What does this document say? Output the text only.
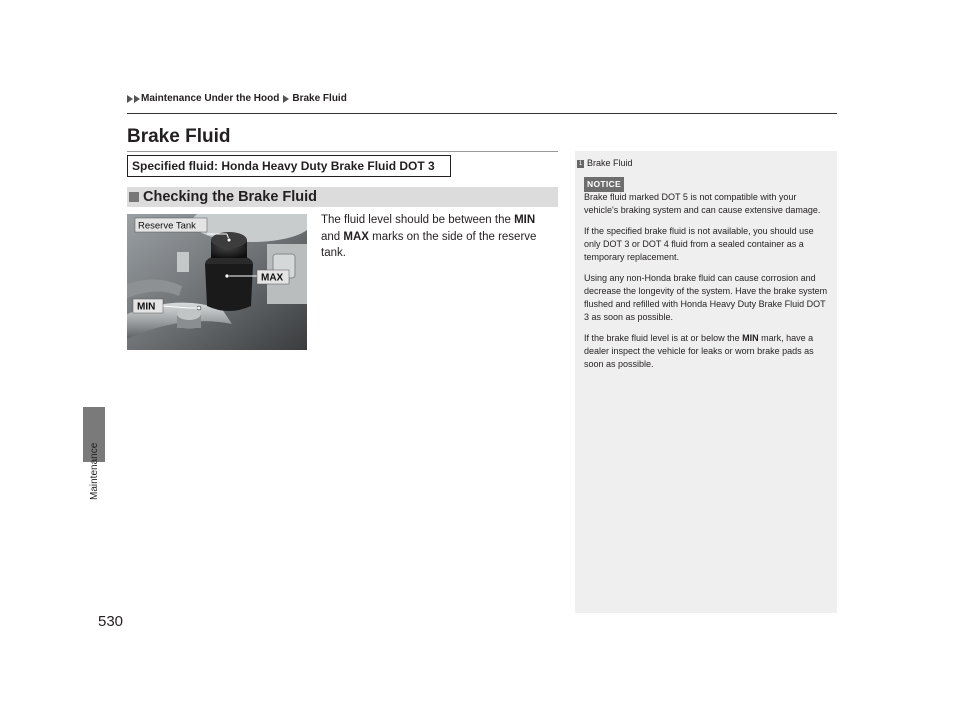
Maintenance Under the Hood Brake Fluid
Brake Fluid
Specified fluid: Honda Heavy Duty Brake Fluid DOT 3
Checking the Brake Fluid
Reserve Tank
MAX
MIN
The fluid level should be between the MIN and MAX marks on the side of the reserve tank.
1 Brake Fluid
NOTICE

Brake fluid marked DOT 5 is not compatible with your vehicle's braking system and can cause extensive damage.

If the specified brake fluid is not available, you should use only DOT 3 or DOT 4 fluid from a sealed container as a temporary replacement.

Using any non-Honda brake fluid can cause corrosion and decrease the longevity of the system. Have the brake system flushed and refilled with Honda Heavy Duty Brake Fluid DOT 3 as soon as possible.

If the brake fluid level is at or below the MIN mark, have a dealer inspect the vehicle for leaks or worn brake pads as soon as possible.

Maintenance
530
